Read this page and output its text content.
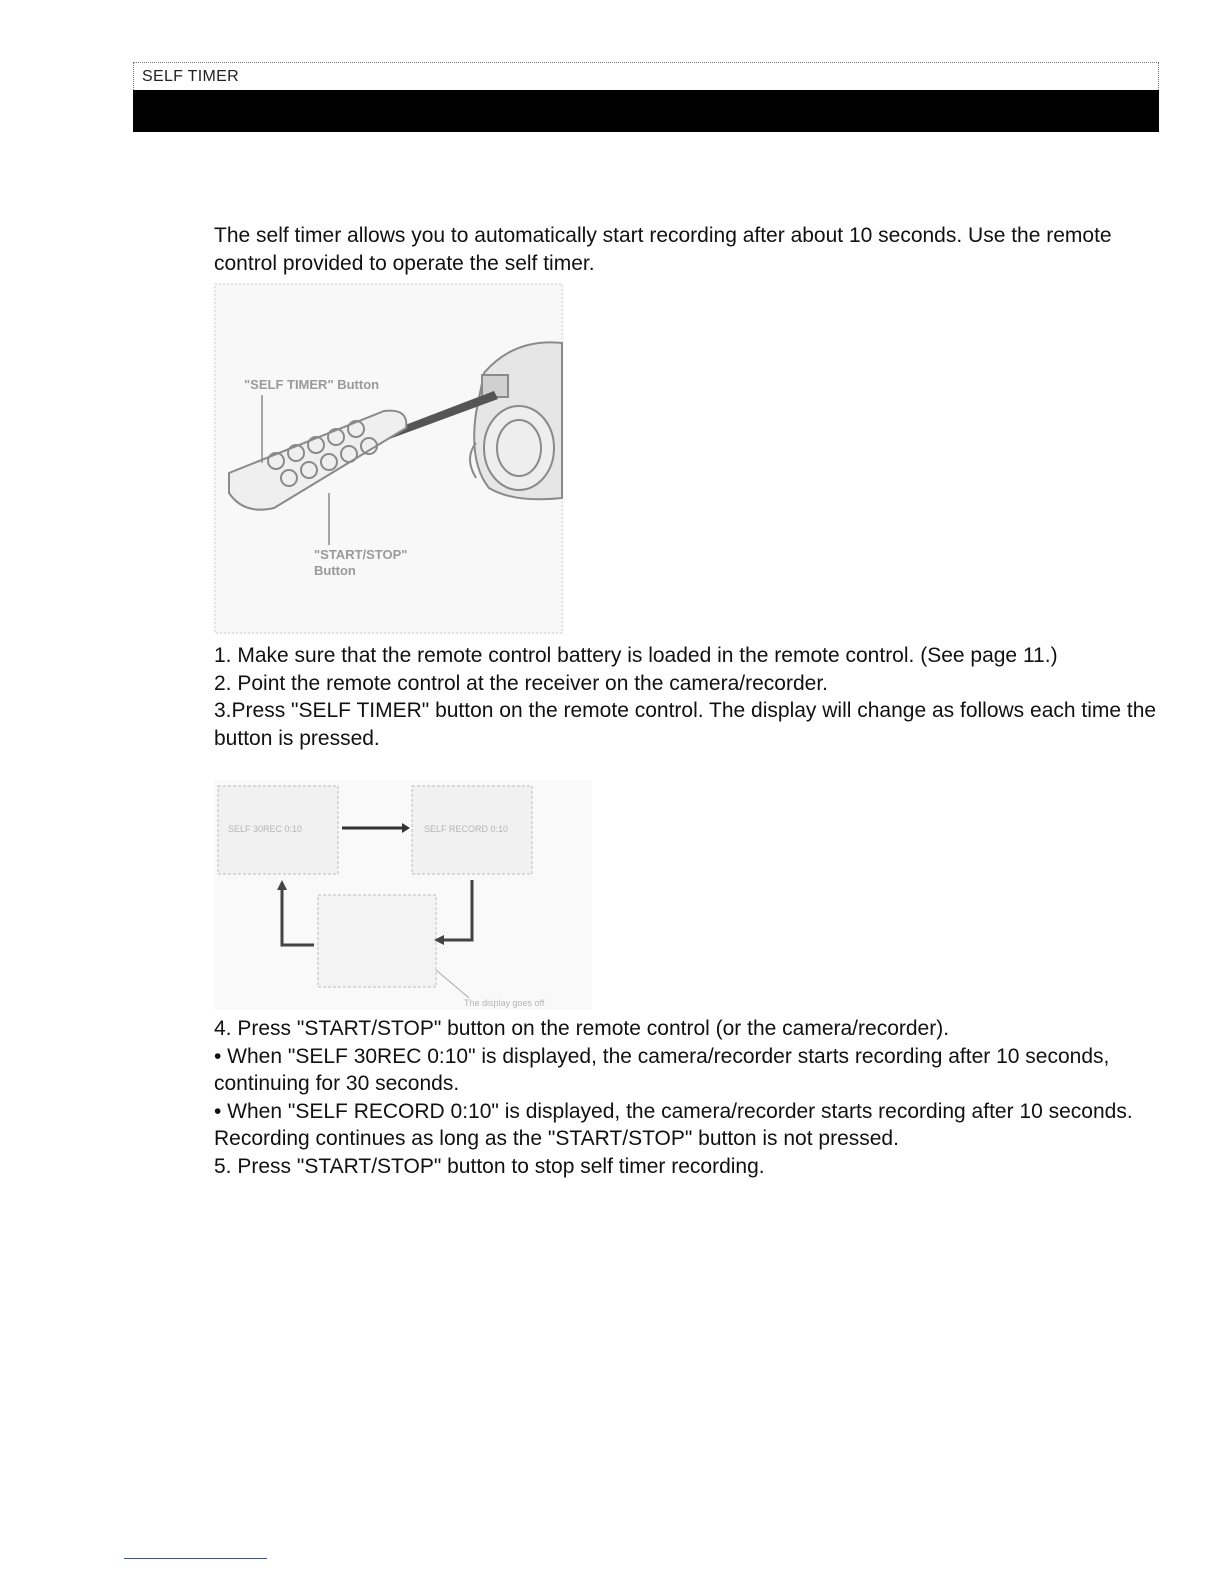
SELF TIMER

The self timer allows you to automatically start recording after about 10 seconds. Use the remote control provided to operate the self timer.

"SELF TIMER" Button
"START/STOP"
Button

1. Make sure that the remote control battery is loaded in the remote control. (See page 11.)

2. Point the remote control at the receiver on the camera/recorder.

3.Press "SELF TIMER" button on the remote control. The display will change as follows each time the button is pressed.

SELF 30REC 0:10	SELF RECORD 0:10
The display goes off

4. Press "START/STOP" button on the remote control (or the camera/recorder).

• When "SELF 30REC 0:10" is displayed, the camera/recorder starts recording after 10 seconds, continuing for 30 seconds.

• When "SELF RECORD 0:10" is displayed, the camera/recorder starts recording after 10 seconds. Recording continues as long as the "START/STOP" button is not pressed.

5. Press "START/STOP" button to stop self timer recording.
